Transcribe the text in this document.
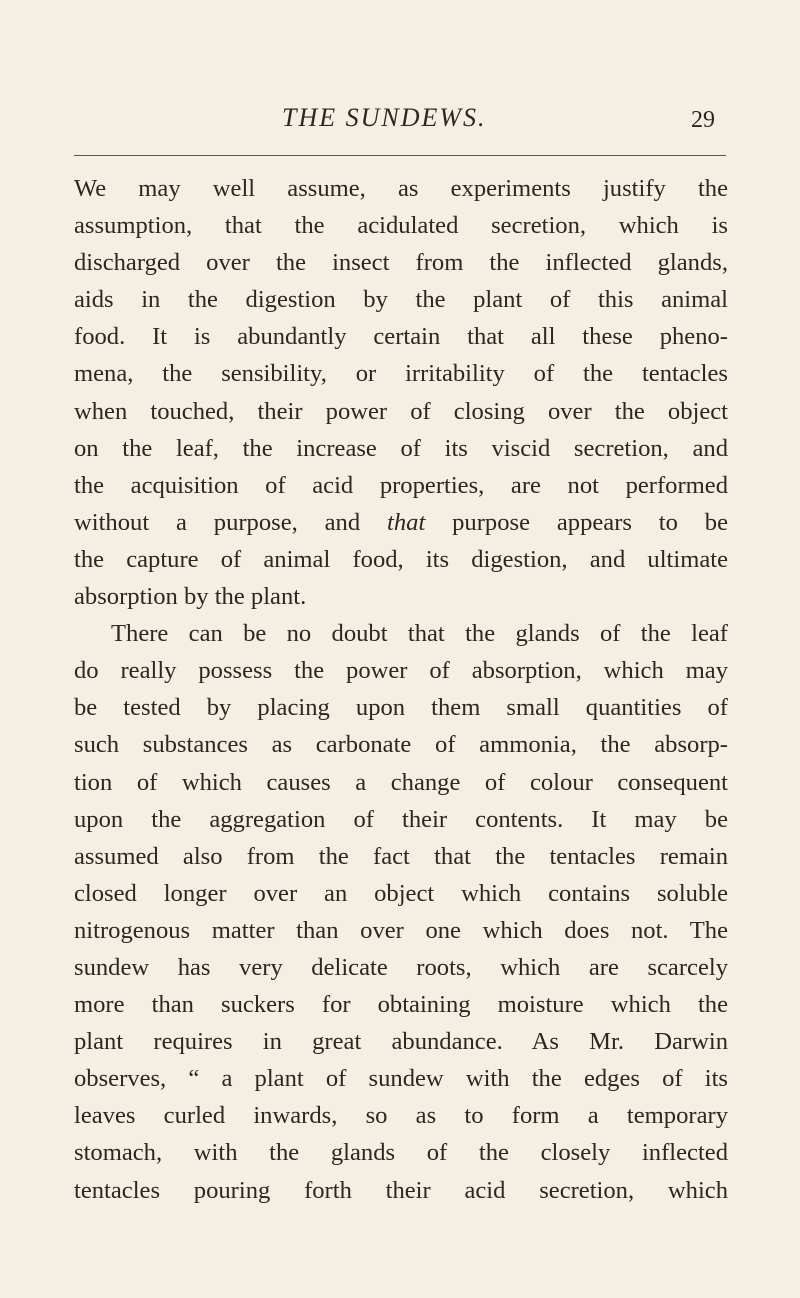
THE SUNDEWS.	29
We may well assume, as experiments justify the
assumption, that the acidulated secretion, which is
discharged over the insect from the inflected glands,
aids in the digestion by the plant of this animal
food. It is abundantly certain that all these pheno-
mena, the sensibility, or irritability of the tentacles
when touched, their power of closing over the object
on the leaf, the increase of its viscid secretion, and
the acquisition of acid properties, are not performed
without a purpose, and that purpose appears to be
the capture of animal food, its digestion, and ultimate
absorption by the plant.
There can be no doubt that the glands of the leaf
do really possess the power of absorption, which may
be tested by placing upon them small quantities of
such substances as carbonate of ammonia, the absorp-
tion of which causes a change of colour consequent
upon the aggregation of their contents. It may be
assumed also from the fact that the tentacles remain
closed longer over an object which contains soluble
nitrogenous matter than over one which does not. The
sundew has very delicate roots, which are scarcely
more than suckers for obtaining moisture which the
plant requires in great abundance. As Mr. Darwin
observes, “ a plant of sundew with the edges of its
leaves curled inwards, so as to form a temporary
stomach, with the glands of the closely inflected
tentacles pouring forth their acid secretion, which
